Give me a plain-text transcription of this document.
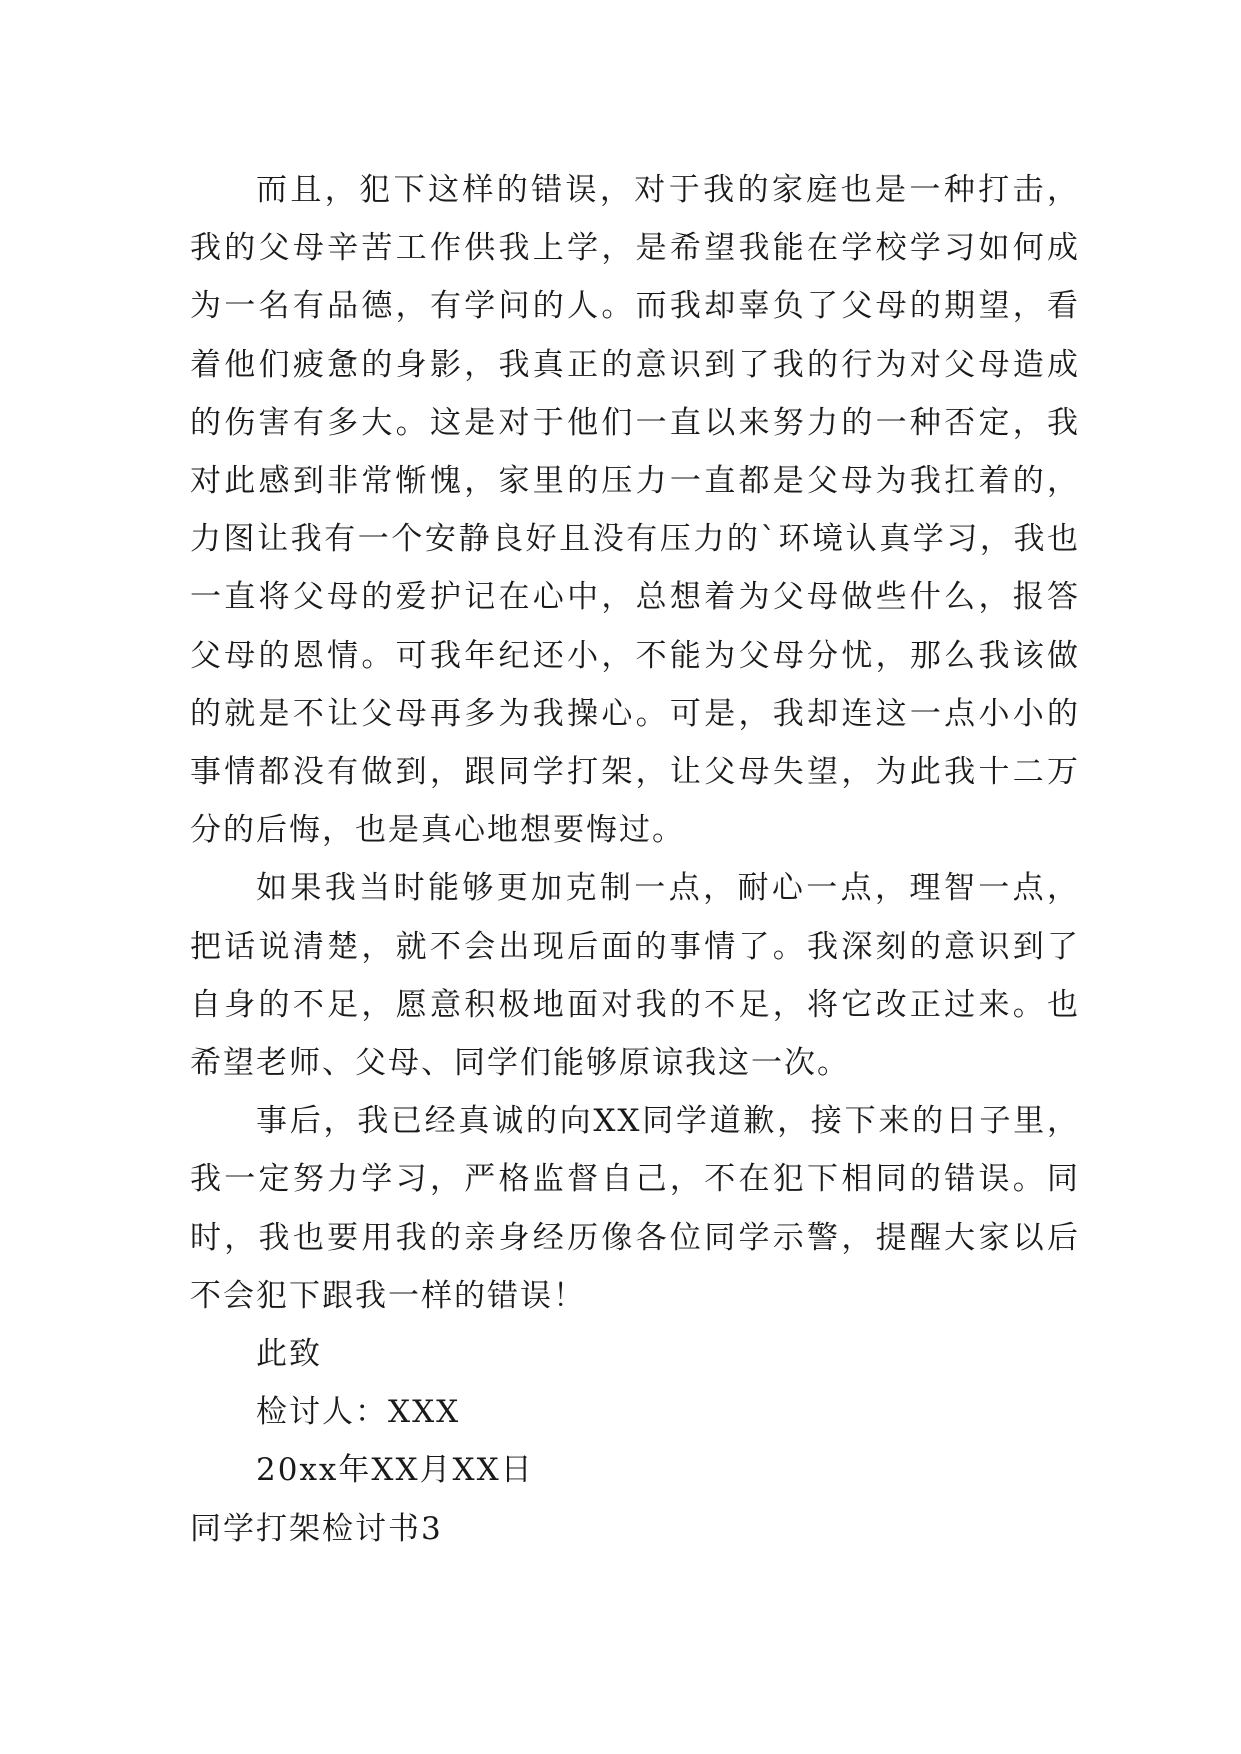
而且，犯下这样的错误，对于我的家庭也是一种打击，我的父母辛苦工作供我上学，是希望我能在学校学习如何成为一名有品德，有学问的人。而我却辜负了父母的期望，看着他们疲惫的身影，我真正的意识到了我的行为对父母造成的伤害有多大。这是对于他们一直以来努力的一种否定，我对此感到非常惭愧，家里的压力一直都是父母为我扛着的，力图让我有一个安静良好且没有压力的`环境认真学习，我也一直将父母的爱护记在心中，总想着为父母做些什么，报答父母的恩情。可我年纪还小，不能为父母分忧，那么我该做的就是不让父母再多为我操心。可是，我却连这一点小小的事情都没有做到，跟同学打架，让父母失望，为此我十二万分的后悔，也是真心地想要悔过。

如果我当时能够更加克制一点，耐心一点，理智一点，把话说清楚，就不会出现后面的事情了。我深刻的意识到了自身的不足，愿意积极地面对我的不足，将它改正过来。也希望老师、父母、同学们能够原谅我这一次。

事后，我已经真诚的向XX同学道歉，接下来的日子里，我一定努力学习，严格监督自己，不在犯下相同的错误。同时，我也要用我的亲身经历像各位同学示警，提醒大家以后不会犯下跟我一样的错误！

此致

检讨人：XXX

20xx年XX月XX日

同学打架检讨书3
